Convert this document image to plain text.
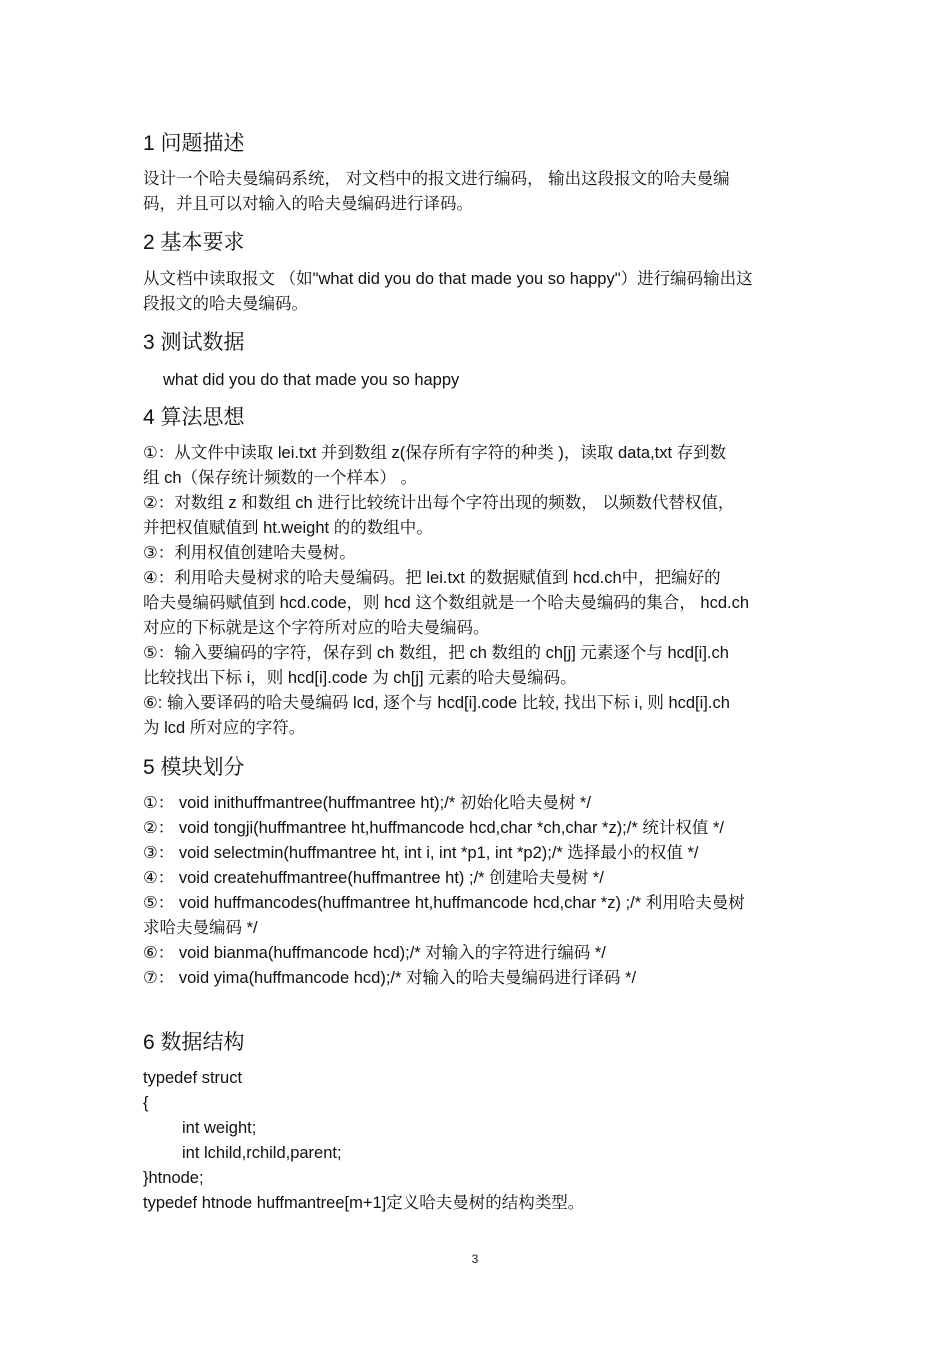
1 问题描述
设计一个哈夫曼编码系统， 对文档中的报文进行编码， 输出这段报文的哈夫曼编
码，并且可以对输入的哈夫曼编码进行译码。
2 基本要求
从文档中读取报文 （如"what did you do that made you so happy"）进行编码输出这
段报文的哈夫曼编码。
3 测试数据
what did you do that made you so happy
4 算法思想
①：从文件中读取 lei.txt 并到数组 z(保存所有字符的种类 )，读取 data,txt 存到数
组 ch（保存统计频数的一个样本） 。
②：对数组 z 和数组 ch 进行比较统计出每个字符出现的频数， 以频数代替权值，
并把权值赋值到 ht.weight 的的数组中。
③：利用权值创建哈夫曼树。
④：利用哈夫曼树求的哈夫曼编码。把 lei.txt 的数据赋值到 hcd.ch中，把编好的
哈夫曼编码赋值到 hcd.code，则 hcd 这个数组就是一个哈夫曼编码的集合， hcd.ch
对应的下标就是这个字符所对应的哈夫曼编码。
⑤：输入要编码的字符，保存到 ch 数组，把 ch 数组的 ch[j] 元素逐个与 hcd[i].ch
比较找出下标 i，则 hcd[i].code 为 ch[j] 元素的哈夫曼编码。
⑥: 输入要译码的哈夫曼编码 lcd, 逐个与 hcd[i].code 比较, 找出下标 i, 则 hcd[i].ch
为 lcd 所对应的字符。
5 模块划分
①： void inithuffmantree(huffmantree ht);/* 初始化哈夫曼树 */
②： void tongji(huffmantree ht,huffmancode hcd,char *ch,char *z);/* 统计权值 */
③： void selectmin(huffmantree ht, int i, int *p1, int *p2);/* 选择最小的权值 */
④： void createhuffmantree(huffmantree ht) ;/* 创建哈夫曼树 */
⑤： void huffmancodes(huffmantree ht,huffmancode hcd,char *z) ;/* 利用哈夫曼树
求哈夫曼编码 */
⑥： void bianma(huffmancode hcd);/* 对输入的字符进行编码 */
⑦： void yima(huffmancode hcd);/* 对输入的哈夫曼编码进行译码 */
6 数据结构
typedef struct
{
int weight;
int lchild,rchild,parent;
}htnode;
typedef htnode huffmantree[m+1]定义哈夫曼树的结构类型。
3
